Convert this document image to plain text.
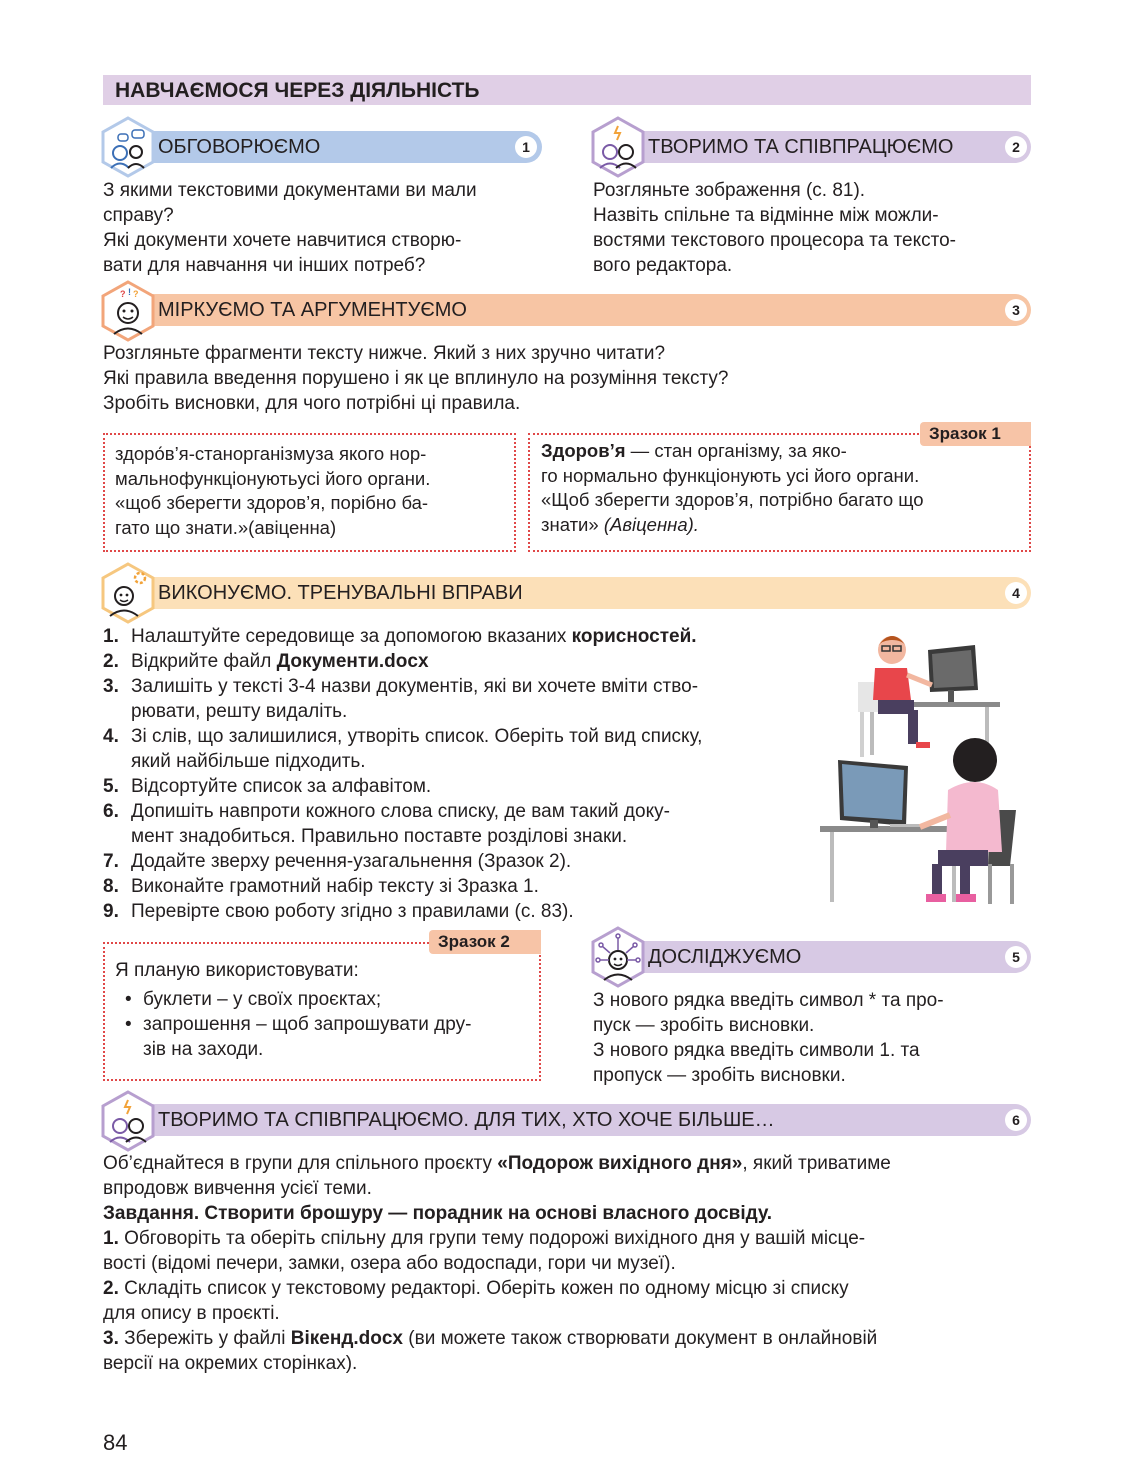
НАВЧАЄМОСЯ ЧЕРЕЗ ДІЯЛЬНІСТЬ
ОБГОВОРЮЄМО	1

З якими текстовими документами ви мали

справу?

Які документи хочете навчитися створю-

вати для навчання чи інших потреб?

ТВОРИМО ТА СПІВПРАЦЮЄМО	2

Розгляньте зображення (с. 81).

Назвіть спільне та відмінне між можли-

востями текстового процесора та тексто-

вого редактора.

? ! ?
МІРКУЄМО ТА АРГУМЕНТУЄМО	3

Розгляньте фрагменти тексту нижче. Який з них зручно читати?

Які правила введення порушено і як це вплинуло на розуміння тексту?

Зробіть висновки, для чого потрібні ці правила.

здоро́в’я-станорганізмуза якого нор-

мальнофункціонуютьусі його органи.

«щоб зберегти здоров’я, порібно ба-

гато що знати.»(авіценна)

Зразок 1

Здоров’я — стан організму, за яко-

го нормально функціонують усі його органи.

«Щоб зберегти здоров’я, потрібно багато що

знати» (Авіценна).

ВИКОНУЄМО. ТРЕНУВАЛЬНІ ВПРАВИ	4
1. Налаштуйте середовище за допомогою вказаних корисностей.
2. Відкрийте файл Документи.docx
3. Залишіть у тексті 3-4 назви документів, які ви хочете вміти ство-
рювати, решту видаліть.
4. Зі слів, що залишилися, утворіть список. Оберіть той вид списку,
який найбільше підходить.
5. Відсортуйте список за алфавітом.
6. Допишіть навпроти кожного слова списку, де вам такий доку-
мент знадобиться. Правильно поставте розділові знаки.
7. Додайте зверху речення-узагальнення (Зразок 2).
8. Виконайте грамотний набір тексту зі Зразка 1.
9. Перевірте свою роботу згідно з правилами (с. 83).
Зразок 2

Я планую використовувати:

• буклети – у своїх проєктах;
• запрошення – щоб запрошувати дру-
зів на заходи.
ДОСЛІДЖУЄМО	5

З нового рядка введіть символ * та про-

пуск — зробіть висновки.

З нового рядка введіть символи 1. та

пропуск — зробіть висновки.

ТВОРИМО ТА СПІВПРАЦЮЄМО. ДЛЯ ТИХ, ХТО ХОЧЕ БІЛЬШЕ…	6

Об’єднайтеся в групи для спільного проєкту «Подорож вихідного дня», який триватиме

впродовж вивчення усієї теми.

Завдання. Створити брошуру — порадник на основі власного досвіду.

1. Обговоріть та оберіть спільну для групи тему подорожі вихідного дня у вашій місце-

вості (відомі печери, замки, озера або водоспади, гори чи музеї).

2. Складіть список у текстовому редакторі. Оберіть кожен по одному місцю зі списку

для опису в проєкті.

3. Збережіть у файлі Вікенд.docx (ви можете також створювати документ в онлайновій

версії на окремих сторінках).

84
